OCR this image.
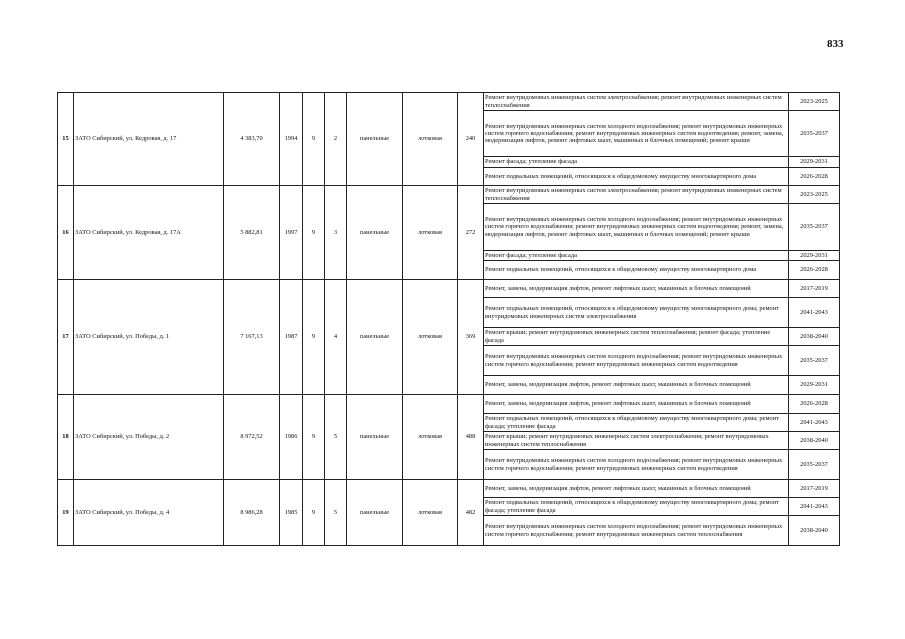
833
15	ЗАТО Сибирский, ул. Кедровая, д. 17	4 383,70	1994	9	2	панельные	лотковая	240	Ремонт внутридомовых инженерных систем электроснабжения; ремонт внутридомовых инженерных систем теплоснабжения	2023-2025
									Ремонт внутридомовых инженерных систем холодного водоснабжения; ремонт внутридомовых инженерных систем горячего водоснабжения; ремонт внутридомовых инженерных систем водоотведения; ремонт, замена, модернизация лифтов, ремонт лифтовых шахт, машинных и блочных помещений; ремонт крыши	2035-2037
									Ремонт фасада; утепление фасада	2029-2031
									Ремонт подвальных помещений, относящихся к общедомовому имуществу многоквартирного дома	2026-2028
16	ЗАТО Сибирский, ул. Кедровая, д. 17А	5 882,81	1997	9	3	панельные	лотковая	272	Ремонт внутридомовых инженерных систем электроснабжения; ремонт внутридомовых инженерных систем теплоснабжения	2023-2025
									Ремонт внутридомовых инженерных систем холодного водоснабжения; ремонт внутридомовых инженерных систем горячего водоснабжения; ремонт внутридомовых инженерных систем водоотведения; ремонт, замена, модернизация лифтов, ремонт лифтовых шахт, машинных и блочных помещений; ремонт крыши	2035-2037
									Ремонт фасада; утепление фасада	2029-2031
									Ремонт подвальных помещений, относящихся к общедомовому имуществу многоквартирного дома	2026-2028
17	ЗАТО Сибирский, ул. Победы, д. 1	7 167,13	1987	9	4	панельные	лотковая	369	Ремонт, замена, модернизация лифтов, ремонт лифтовых шахт, машинных и блочных помещений	2017-2019
									Ремонт подвальных помещений, относящихся к общедомовому имуществу многоквартирного дома; ремонт внутридомовых инженерных систем электроснабжения	2041-2043
									Ремонт крыши; ремонт внутридомовых инженерных систем теплоснабжения; ремонт фасада; утепление фасада	2038-2040
									Ремонт внутридомовых инженерных систем холодного водоснабжения; ремонт внутридомовых инженерных систем горячего водоснабжения; ремонт внутридомовых инженерных систем водоотведения	2035-2037
									Ремонт, замена, модернизация лифтов, ремонт лифтовых шахт, машинных и блочных помещений	2029-2031
18	ЗАТО Сибирский, ул. Победы, д. 2	8 972,52	1986	9	5	панельные	лотковая	488	Ремонт, замена, модернизация лифтов, ремонт лифтовых шахт, машинных и блочных помещений	2026-2028
									Ремонт подвальных помещений, относящихся к общедомовому имуществу многоквартирного дома; ремонт фасада; утепление фасада	2041-2043
									Ремонт крыши; ремонт внутридомовых инженерных систем электроснабжения; ремонт внутридомовых инженерных систем теплоснабжения	2038-2040
									Ремонт внутридомовых инженерных систем холодного водоснабжения; ремонт внутридомовых инженерных систем горячего водоснабжения; ремонт внутридомовых инженерных систем водоотведения	2035-2037
19	ЗАТО Сибирский, ул. Победы, д. 4	8 986,28	1985	9	5	панельные	лотковая	482	Ремонт, замена, модернизация лифтов, ремонт лифтовых шахт, машинных и блочных помещений	2017-2019
									Ремонт подвальных помещений, относящихся к общедомовому имуществу многоквартирного дома; ремонт фасада; утепление фасада	2041-2043
									Ремонт внутридомовых инженерных систем холодного водоснабжения; ремонт внутридомовых инженерных систем горячего водоснабжения; ремонт внутридомовых инженерных систем теплоснабжения	2038-2040
